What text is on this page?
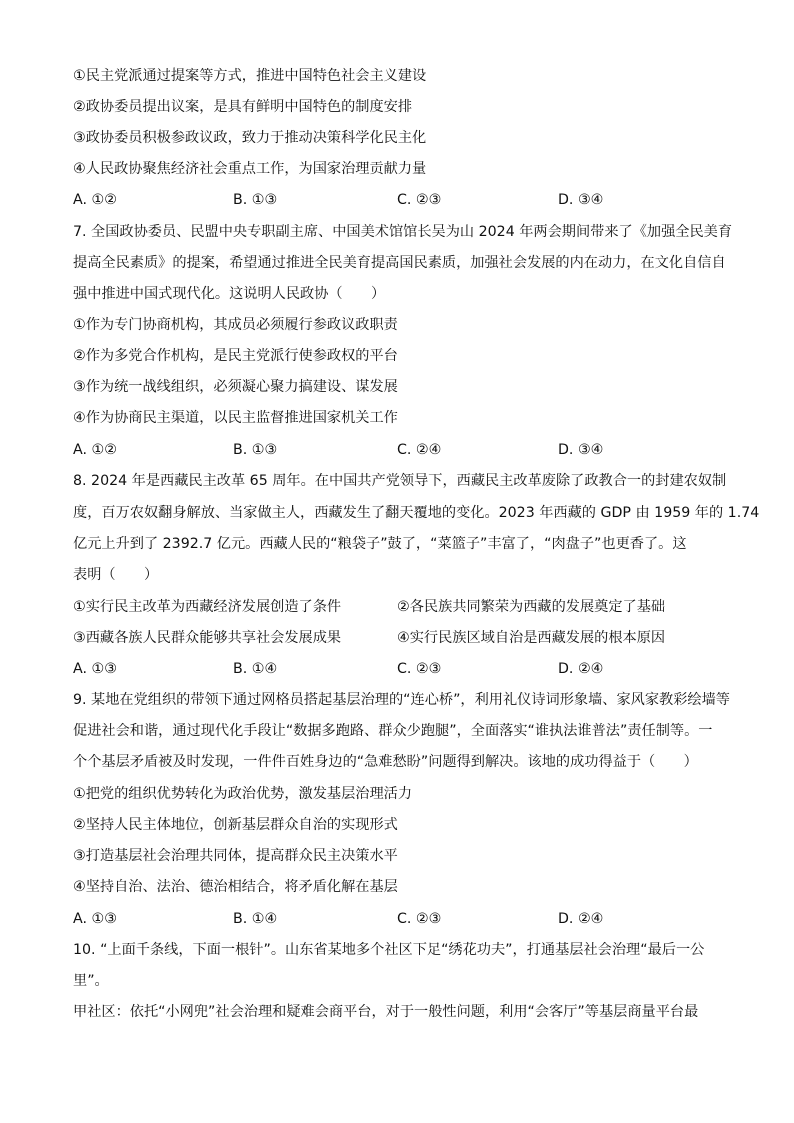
①民主党派通过提案等方式，推进中国特色社会主义建设
②政协委员提出议案，是具有鲜明中国特色的制度安排
③政协委员积极参政议政，致力于推动决策科学化民主化
④人民政协聚焦经济社会重点工作，为国家治理贡献力量
A. ①②	B. ①③	C. ②③	D. ③④
7. 全国政协委员、民盟中央专职副主席、中国美术馆馆长吴为山 2024 年两会期间带来了《加强全民美育
提高全民素质》的提案，希望通过推进全民美育提高国民素质，加强社会发展的内在动力，在文化自信自
强中推进中国式现代化。这说明人民政协（　　）
①作为专门协商机构，其成员必须履行参政议政职责
②作为多党合作机构，是民主党派行使参政权的平台
③作为统一战线组织，必须凝心聚力搞建设、谋发展
④作为协商民主渠道，以民主监督推进国家机关工作
A. ①②	B. ①③	C. ②④	D. ③④
8. 2024 年是西藏民主改革 65 周年。在中国共产党领导下，西藏民主改革废除了政教合一的封建农奴制
度，百万农奴翻身解放、当家做主人，西藏发生了翻天覆地的变化。2023 年西藏的 GDP 由 1959 年的 1.74
亿元上升到了 2392.7 亿元。西藏人民的“粮袋子”鼓了，“菜篮子”丰富了，“肉盘子”也更香了。这
表明（　　）
①实行民主改革为西藏经济发展创造了条件	②各民族共同繁荣为西藏的发展奠定了基础
③西藏各族人民群众能够共享社会发展成果	④实行民族区域自治是西藏发展的根本原因
A. ①③	B. ①④	C. ②③	D. ②④
9. 某地在党组织的带领下通过网格员搭起基层治理的“连心桥”，利用礼仪诗词形象墙、家风家教彩绘墙等
促进社会和谐，通过现代化手段让“数据多跑路、群众少跑腿”，全面落实“谁执法谁普法”责任制等。一
个个基层矛盾被及时发现，一件件百姓身边的“急难愁盼”问题得到解决。该地的成功得益于（　　）
①把党的组织优势转化为政治优势，激发基层治理活力
②坚持人民主体地位，创新基层群众自治的实现形式
③打造基层社会治理共同体，提高群众民主决策水平
④坚持自治、法治、德治相结合，将矛盾化解在基层
A. ①③	B. ①④	C. ②③	D. ②④
10. “上面千条线，下面一根针”。山东省某地多个社区下足“绣花功夫”，打通基层社会治理“最后一公
里”。
甲社区：依托“小网兜”社会治理和疑难会商平台，对于一般性问题，利用“会客厅”等基层商量平台最
